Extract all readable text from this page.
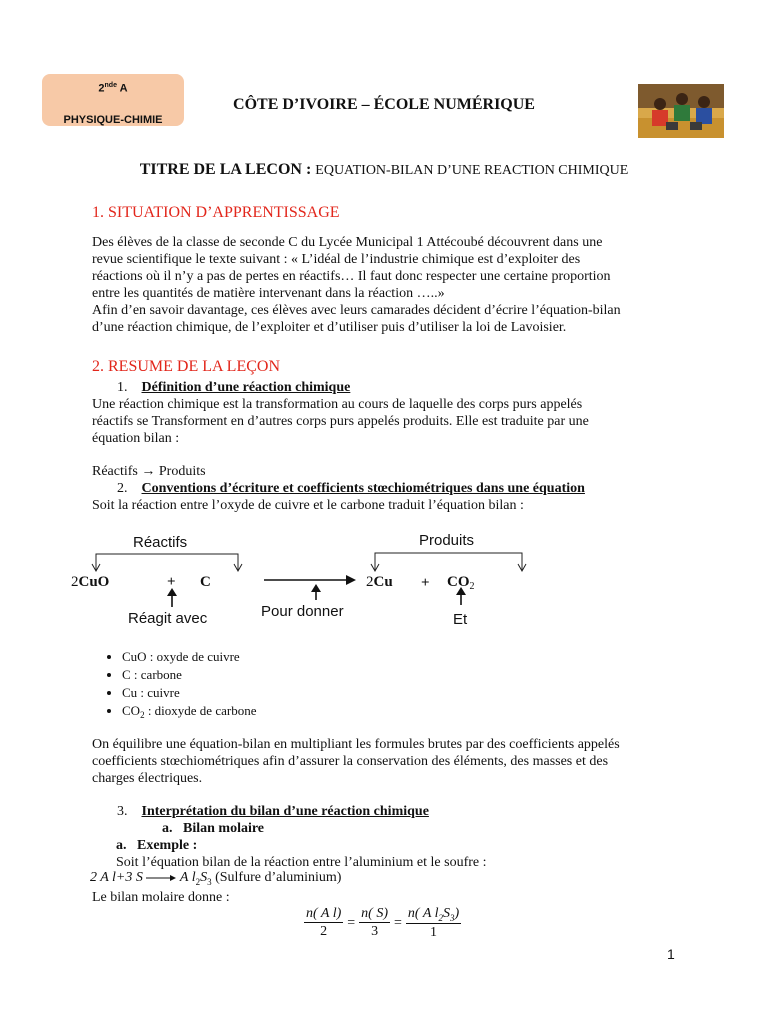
2nde A
PHYSIQUE-CHIMIE
CÔTE D’IVOIRE – ÉCOLE NUMÉRIQUE
TITRE DE LA LECON : EQUATION-BILAN D’UNE REACTION CHIMIQUE
1. SITUATION D’APPRENTISSAGE
Des élèves de la classe de seconde C du Lycée Municipal 1 Attécoubé découvrent dans une
revue scientifique le texte suivant : « L’idéal de l’industrie chimique est d’exploiter des
réactions où il n’y a pas de pertes en réactifs… Il faut donc respecter une certaine proportion
entre les quantités de matière intervenant dans la réaction …..»
Afin d’en savoir davantage, ces élèves avec leurs camarades décident d’écrire l’équation-bilan
d’une réaction chimique, de l’exploiter et d’utiliser puis d’utiliser la loi de Lavoisier.
2. RESUME DE LA LEÇON
1.    Définition d’une réaction chimique
Une réaction chimique est la transformation au cours de laquelle des corps purs appelés
réactifs se Transforment en d’autres corps purs appelés produits. Elle est traduite par une
équation bilan :
Réactifs → Produits
2.    Conventions d’écriture et coefficients stœchiométriques dans une équation
Soit la réaction entre l’oxyde de cuivre et le carbone traduit l’équation bilan :
Réactifs	Produits
2CuO	+ C	$2Cu + CO_2$
Réagit avec	Pour donner	Et
• CuO : oxyde de cuivre
• C : carbone
• Cu : cuivre
• $CO_2$ : dioxyde de carbone
On équilibre une équation-bilan en multipliant les formules brutes par des coefficients appelés
coefficients stœchiométriques afin d’assurer la conservation des éléments, des masses et des
charges électriques.
3.    Interprétation du bilan d’une réaction chimique
a.   Bilan molaire
a.   Exemple :
Soit l’équation bilan de la réaction entre l’aluminium et le soufre :
2 A l+3 S → A $l_2S_3$ (Sulfure d’aluminium)
Le bilan molaire donne :
$\frac{\text{n( A l)}}{2} = \frac{n( S)}{3} = \frac{n( A l_2S_3)}{1}$
1
